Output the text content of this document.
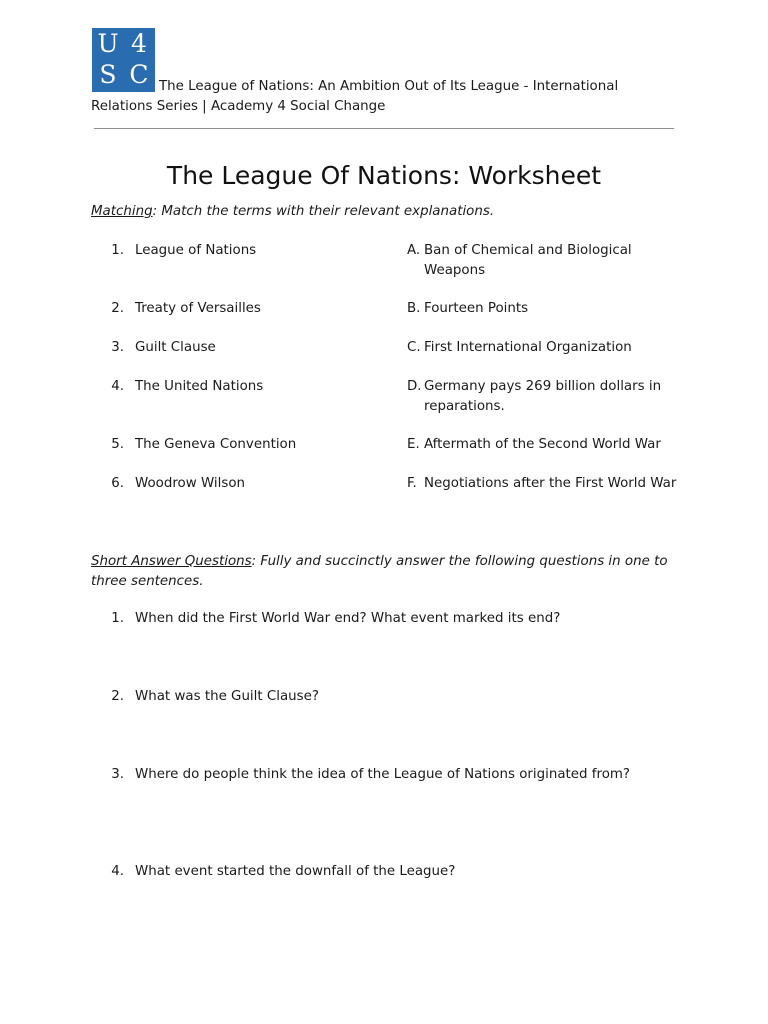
U 4
S C The League of Nations: An Ambition Out of Its League - International Relations Series | Academy 4 Social Change
The League Of Nations: Worksheet
Matching: Match the terms with their relevant explanations.
1. League of Nations
2. Treaty of Versailles
3. Guilt Clause
4. The United Nations
5. The Geneva Convention
6. Woodrow Wilson
A. Ban of Chemical and Biological Weapons
B. Fourteen Points
C. First International Organization
D. Germany pays 269 billion dollars in reparations.
E. Aftermath of the Second World War
F. Negotiations after the First World War
Short Answer Questions: Fully and succinctly answer the following questions in one to three sentences.
1. When did the First World War end? What event marked its end?
2. What was the Guilt Clause?
3. Where do people think the idea of the League of Nations originated from?
4. What event started the downfall of the League?
